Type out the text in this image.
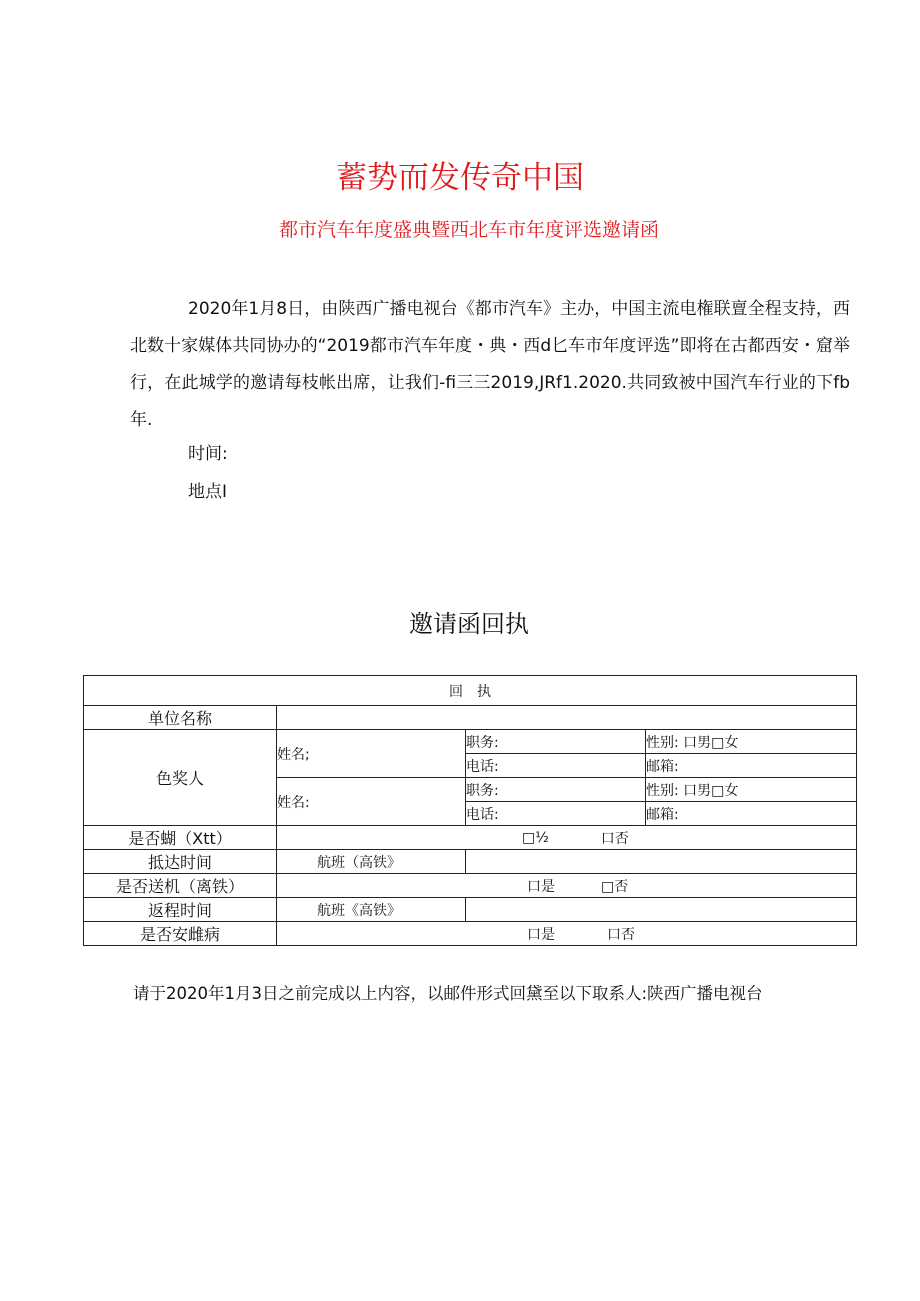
蓄势而发传奇中国
都市汽车年度盛典暨西北车市年度评选邀请函
2020年1月8日，由陕西广播电视台《都市汽车》主办，中国主流电権联亶全程支持，西北数十家媒体共同协办的“2019都市汽车年度・典・西d匕车市年度评选”即将在古都西安・窟举行，在此城学的邀请每枝帐出席，让我们-fi三三2019,JRf1.2020.共同致被中国汽车行业的下fb年.
时间:
地点I
邀请函回执
回　执			
单位名称			
色奖人	姓名;	职务:	性别: 口男□女
		电话:	邮箱:
	姓名:	职务:	性别: 口男□女
		电话:	邮箱:
是否蝴（Xtt）	□½ 口否		

抵达时间	航班（高铁》		
是否送机（离铁）	口是 □否		

返程时间	航班《高铁》		
是否安雌病	口是 口否		
请于2020年1月3日之前完成以上内容，以邮件形式回黛至以下取系人:陕西广播电视台
